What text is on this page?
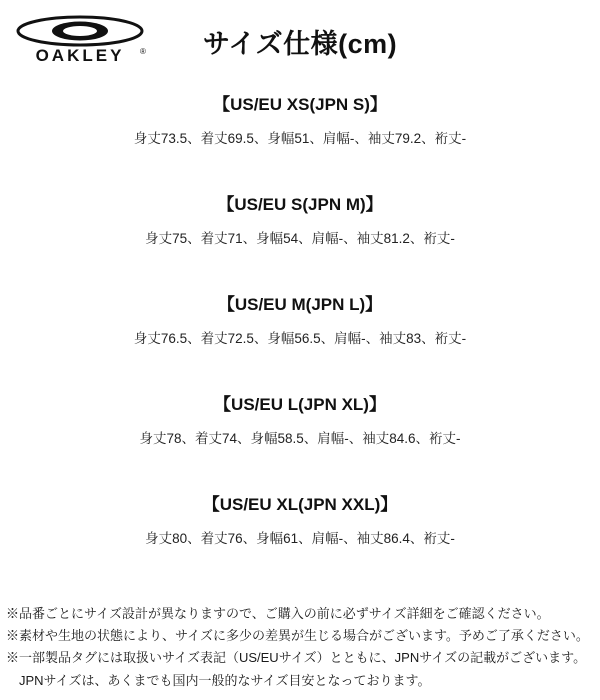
OAKLEY ®	サイズ仕様(cm)
【US/EU XS(JPN S)】
身丈73.5、着丈69.5、身幅51、肩幅-、袖丈79.2、裄丈-
【US/EU S(JPN M)】
身丈75、着丈71、身幅54、肩幅-、袖丈81.2、裄丈-
【US/EU M(JPN L)】
身丈76.5、着丈72.5、身幅56.5、肩幅-、袖丈83、裄丈-
【US/EU L(JPN XL)】
身丈78、着丈74、身幅58.5、肩幅-、袖丈84.6、裄丈-
【US/EU XL(JPN XXL)】
身丈80、着丈76、身幅61、肩幅-、袖丈86.4、裄丈-
※品番ごとにサイズ設計が異なりますので、ご購入の前に必ずサイズ詳細をご確認ください。
※素材や生地の状態により、サイズに多少の差異が生じる場合がございます。予めご了承ください。
※一部製品タグには取扱いサイズ表記（US/EUサイズ）とともに、JPNサイズの記載がございます。
　JPNサイズは、あくまでも国内一般的なサイズ目安となっております。
